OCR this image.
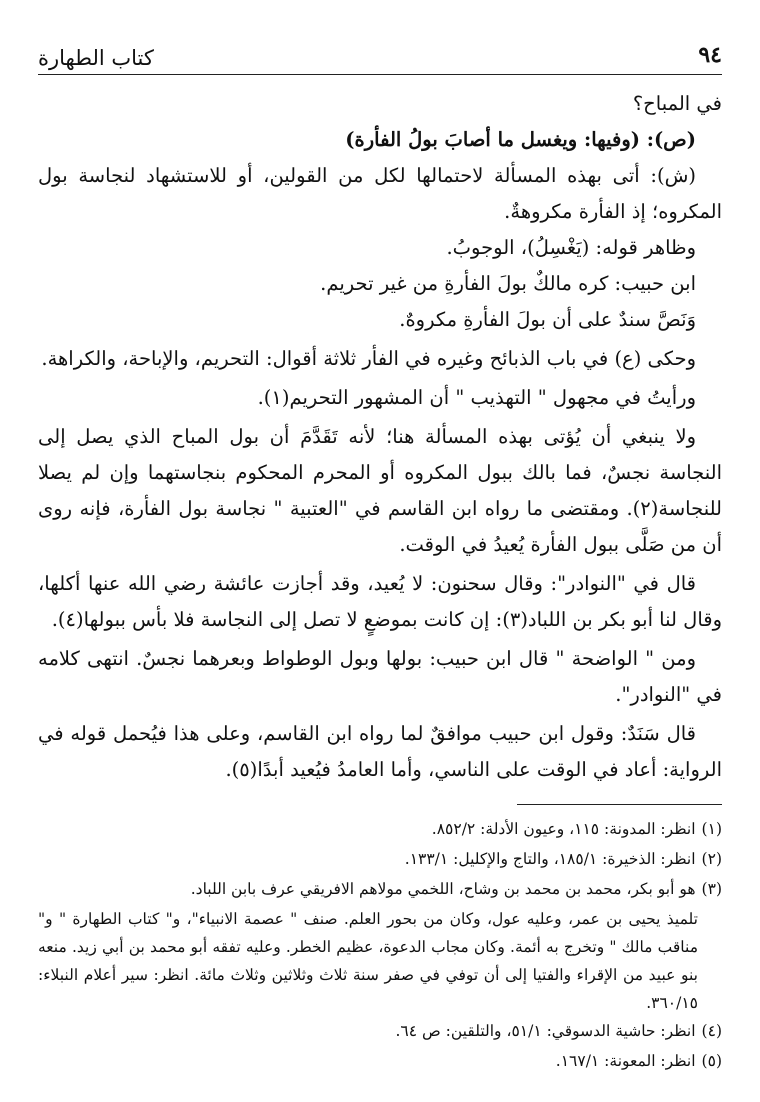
٩٤
كتاب الطهارة

في المباح؟

(ص): (وفيها: ويغسل ما أصابَ بولُ الفأرة)

(ش): أتى بهذه المسألة لاحتمالها لكل من القولين، أو للاستشهاد لنجاسة بول المكروه؛ إذ الفأرة مكروهةٌ.

وظاهر قوله: (يَغْسِلُ)، الوجوبُ.

ابن حبيب: كره مالكٌ بولَ الفأرةِ من غير تحريم.

وَنَصَّ سندٌ على أن بولَ الفأرةِ مكروهٌ.

وحكى (ع) في باب الذبائح وغيره في الفأر ثلاثة أقوال: التحريم، والإباحة، والكراهة.

ورأيتُ في مجهول " التهذيب " أن المشهور التحريم(١).

ولا ينبغي أن يُؤتى بهذه المسألة هنا؛ لأنه تَقَدَّمَ أن بول المباح الذي يصل إلى النجاسة نجسٌ، فما بالك ببول المكروه أو المحرم المحكوم بنجاستهما وإن لم يصلا للنجاسة(٢). ومقتضى ما رواه ابن القاسم في "العتبية " نجاسة بول الفأرة، فإنه روى أن من صَلَّى ببول الفأرة يُعيدُ في الوقت.

قال في "النوادر": وقال سحنون: لا يُعيد، وقد أجازت عائشة رضي الله عنها أكلها، وقال لنا أبو بكر بن اللباد(٣): إن كانت بموضعٍ لا تصل إلى النجاسة فلا بأس ببولها(٤).

ومن " الواضحة " قال ابن حبيب: بولها وبول الوطواط وبعرهما نجسٌ. انتهى كلامه في "النوادر".

قال سَنَدٌ: وقول ابن حبيب موافقٌ لما رواه ابن القاسم، وعلى هذا فيُحمل قوله في الرواية: أعاد في الوقت على الناسي، وأما العامدُ فيُعيد أبدًا(٥).

(١)انظر: المدونة: ١١٥، وعيون الأدلة: ٨٥٢/٢.
(٢)انظر: الذخيرة: ١٨٥/١، والتاج والإكليل: ١٣٣/١.
(٣)هو أبو بكر، محمد بن محمد بن وشاح، اللخمي مولاهم الافريقي عرف بابن اللباد.
تلميذ يحيى بن عمر، وعليه عول، وكان من بحور العلم. صنف " عصمة الانبياء"، و" كتاب الطهارة " و" مناقب مالك " وتخرج به أئمة. وكان مجاب الدعوة، عظيم الخطر. وعليه تفقه أبو محمد بن أبي زيد. منعه بنو عبيد من الإقراء والفتيا إلى أن توفي في صفر سنة ثلاث وثلاثين وثلاث مائة. انظر: سير أعلام النبلاء: ٣٦٠/١٥.
(٤)انظر: حاشية الدسوقي: ٥١/١، والتلقين: ص ٦٤.
(٥)انظر: المعونة: ١٦٧/١.
